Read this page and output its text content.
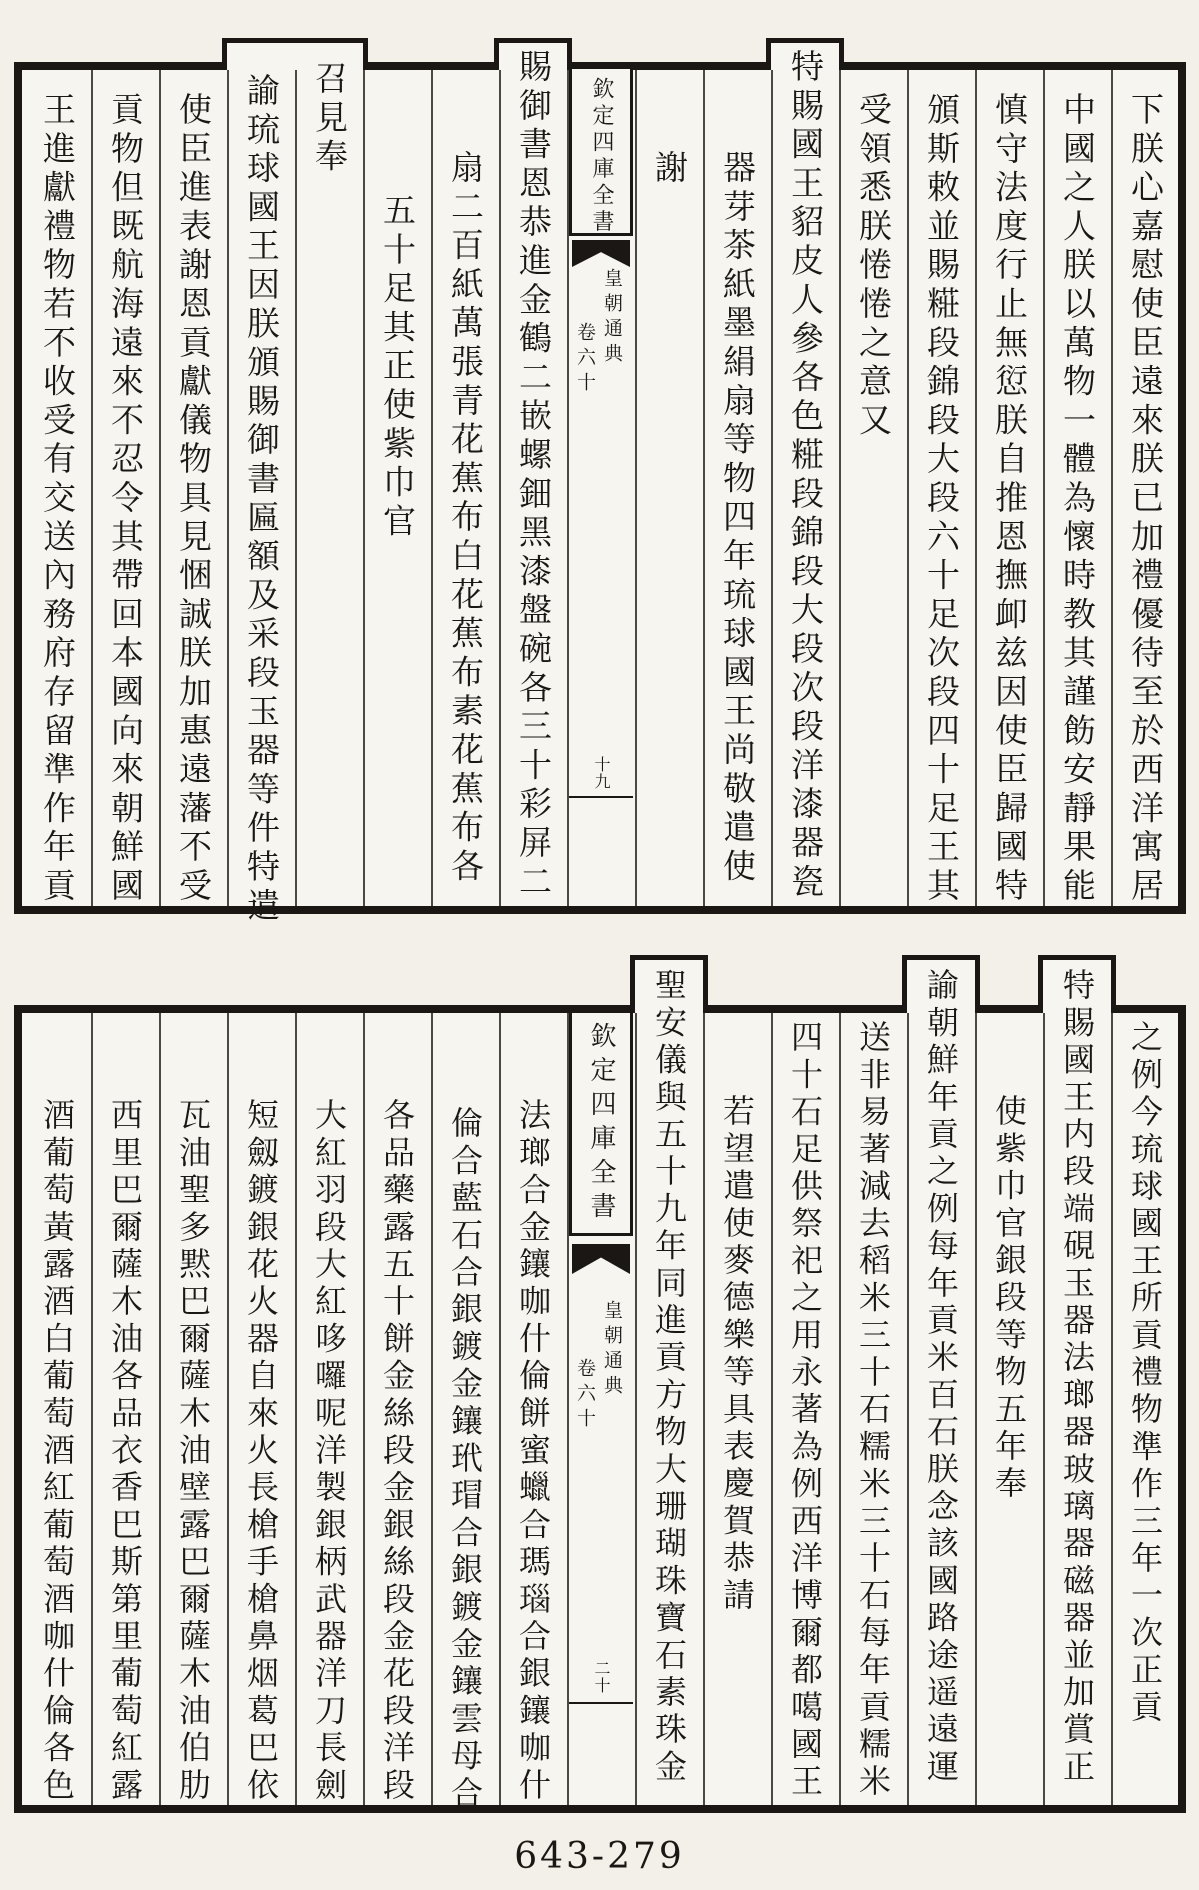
欽定四庫全書
皇朝通典
卷六十
十九
欽定四庫全書
皇朝通典
卷六十
二十
643-279
下朕心嘉慰使臣遠來朕已加禮優待至於西洋寓居
中國之人朕以萬物一體為懷時教其謹飭安靜果能
慎守法度行止無愆朕自推恩撫卹兹因使臣歸國特
頒斯敕並賜糚段錦段大段六十足次段四十足王其
受領悉朕惓惓之意又
特賜國王貂皮人參各色糚段錦段大段次段洋漆器瓷
器芽茶紙墨絹扇等物四年琉球國王尚敬遣使
謝
賜御書恩恭進金鶴二嵌螺鈿黑漆盤碗各三十彩屏二
扇二百紙萬張青花蕉布白花蕉布素花蕉布各
五十足其正使紫巾官
召見奉
諭琉球國王因朕頒賜御書匾額及采段玉器等件特遣
使臣進表謝恩貢獻儀物具見悃誠朕加惠遠藩不受
貢物但既航海遠來不忍令其帶回本國向來朝鮮國
王進獻禮物若不收受有交送內務府存留準作年貢
之例今琉球國王所貢禮物準作三年一次正貢
特賜國王内段端硯玉器法瑯器玻璃器磁器並加賞正
使紫巾官銀段等物五年奉
諭朝鮮年貢之例每年貢米百石朕念該國路途遥遠運
送非易著減去稻米三十石糯米三十石每年貢糯米
四十石足供祭祀之用永著為例西洋博爾都噶國王
若望遣使麥德樂等具表慶賀恭請
聖安儀與五十九年同進貢方物大珊瑚珠寶石素珠金
法瑯合金鑲咖什倫餅蜜蠟合瑪瑙合銀鑲咖什
倫合藍石合銀鍍金鑲玳瑁合銀鍍金鑲雲母合
各品藥露五十餅金絲段金銀絲段金花段洋段
大紅羽段大紅哆囉呢洋製銀柄武器洋刀長劍
短劔鍍銀花火器自來火長槍手槍鼻烟葛巴依
瓦油聖多黙巴爾薩木油壁露巴爾薩木油伯肋
西里巴爾薩木油各品衣香巴斯第里葡萄紅露
酒葡萄黃露酒白葡萄酒紅葡萄酒咖什倫各色
